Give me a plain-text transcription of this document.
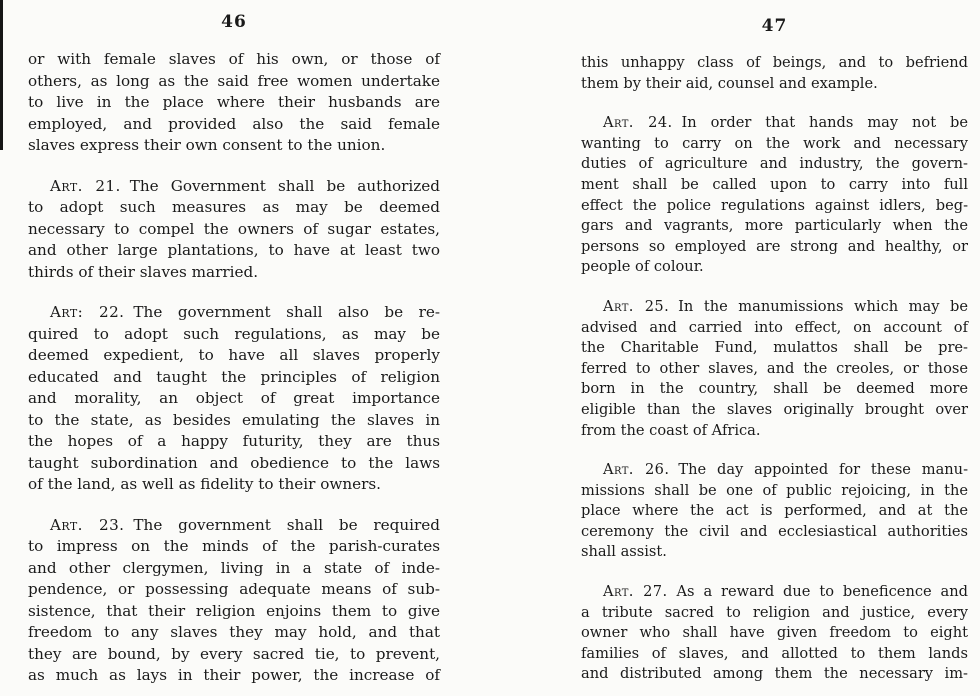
46
or with female slaves of his own, or those of
others, as long as the said free women undertake
to live in the place where their husbands are
employed, and provided also the said female
slaves express their own consent to the union.
Art. 21. The Government shall be authorized
to adopt such measures as may be deemed
necessary to compel the owners of sugar estates,
and other large plantations, to have at least two
thirds of their slaves married.
Art: 22. The government shall also be re-
quired to adopt such regulations, as may be
deemed expedient, to have all slaves properly
educated and taught the principles of religion
and morality, an object of great importance
to the state, as besides emulating the slaves in
the hopes of a happy futurity, they are thus
taught subordination and obedience to the laws
of the land, as well as fidelity to their owners.
Art. 23. The government shall be required
to impress on the minds of the parish-curates
and other clergymen, living in a state of inde-
pendence, or possessing adequate means of sub-
sistence, that their religion enjoins them to give
freedom to any slaves they may hold, and that
they are bound, by every sacred tie, to prevent,
as much as lays in their power, the increase of
47
this unhappy class of beings, and to befriend
them by their aid, counsel and example.
Art. 24. In order that hands may not be
wanting to carry on the work and necessary
duties of agriculture and industry, the govern-
ment shall be called upon to carry into full
effect the police regulations against idlers, beg-
gars and vagrants, more particularly when the
persons so employed are strong and healthy, or
people of colour.
Art. 25. In the manumissions which may be
advised and carried into effect, on account of
the Charitable Fund, mulattos shall be pre-
ferred to other slaves, and the creoles, or those
born in the country, shall be deemed more
eligible than the slaves originally brought over
from the coast of Africa.
Art. 26. The day appointed for these manu-
missions shall be one of public rejoicing, in the
place where the act is performed, and at the
ceremony the civil and ecclesiastical authorities
shall assist.
Art. 27. As a reward due to beneficence and
a tribute sacred to religion and justice, every
owner who shall have given freedom to eight
families of slaves, and allotted to them lands
and distributed among them the necessary im-
